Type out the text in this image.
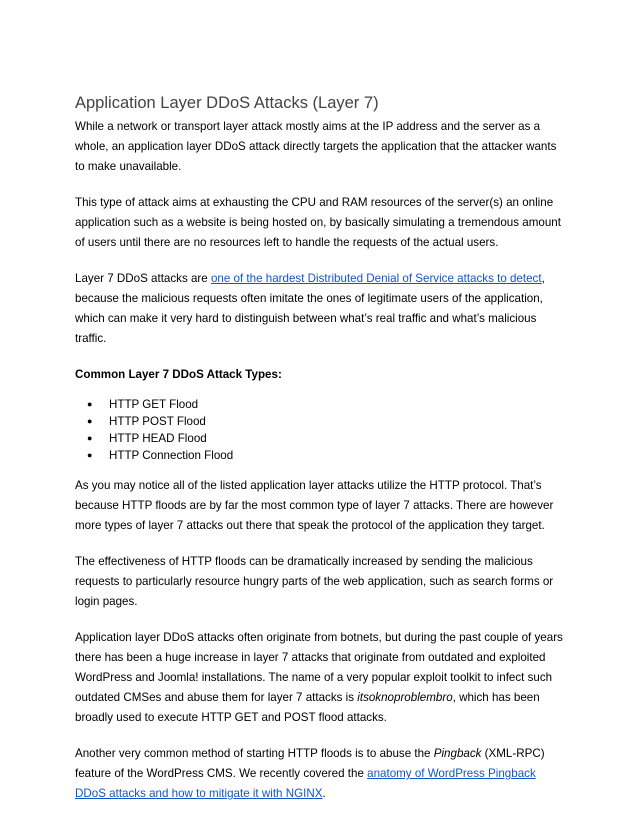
Application Layer DDoS Attacks (Layer 7)

While a network or transport layer attack mostly aims at the IP address and the server as a whole, an application layer DDoS attack directly targets the application that the attacker wants to make unavailable.

This type of attack aims at exhausting the CPU and RAM resources of the server(s) an online application such as a website is being hosted on, by basically simulating a tremendous amount of users until there are no resources left to handle the requests of the actual users.

Layer 7 DDoS attacks are one of the hardest Distributed Denial of Service attacks to detect, because the malicious requests often imitate the ones of legitimate users of the application, which can make it very hard to distinguish between what’s real traffic and what’s malicious traffic.

Common Layer 7 DDoS Attack Types:

● HTTP GET Flood
● HTTP POST Flood
● HTTP HEAD Flood
● HTTP Connection Flood

As you may notice all of the listed application layer attacks utilize the HTTP protocol. That’s because HTTP floods are by far the most common type of layer 7 attacks. There are however more types of layer 7 attacks out there that speak the protocol of the application they target.

The effectiveness of HTTP floods can be dramatically increased by sending the malicious requests to particularly resource hungry parts of the web application, such as search forms or login pages.

Application layer DDoS attacks often originate from botnets, but during the past couple of years there has been a huge increase in layer 7 attacks that originate from outdated and exploited WordPress and Joomla! installations. The name of a very popular exploit toolkit to infect such outdated CMSes and abuse them for layer 7 attacks is itsoknoproblembro, which has been broadly used to execute HTTP GET and POST flood attacks.

Another very common method of starting HTTP floods is to abuse the Pingback (XML-RPC) feature of the WordPress CMS. We recently covered the anatomy of WordPress Pingback DDoS attacks and how to mitigate it with NGINX.
